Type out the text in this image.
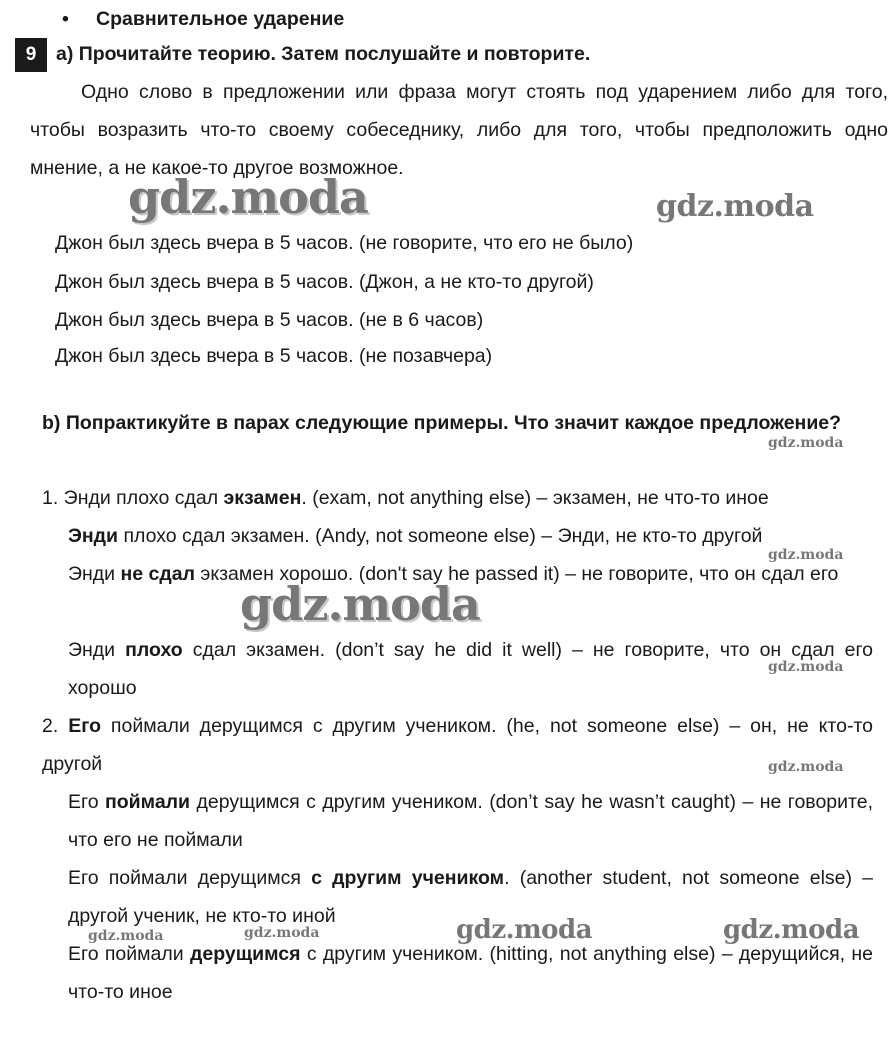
• Сравнительное ударение
9	a) Прочитайте теорию. Затем послушайте и повторите.
Одно слово в предложении или фраза могут стоять под ударением либо для того, чтобы возразить что-то своему собеседнику, либо для того, чтобы предположить одно мнение, а не какое-то другое возможное.
Джон был здесь вчера в 5 часов. (не говорите, что его не было)
Джон был здесь вчера в 5 часов. (Джон, а не кто-то другой)
Джон был здесь вчера в 5 часов. (не в 6 часов)
Джон был здесь вчера в 5 часов. (не позавчера)
b) Попрактикуйте в парах следующие примеры. Что значит каждое предложение?
1. Энди плохо сдал экзамен. (exam, not anything else) – экзамен, не что-то иное
Энди плохо сдал экзамен. (Andy, not someone else) – Энди, не кто-то другой
Энди не сдал экзамен хорошо. (don't say he passed it) – не говорите, что он сдал его
Энди плохо сдал экзамен. (don’t say he did it well) – не говорите, что он сдал его хорошо
2. Его поймали дерущимся с другим учеником. (he, not someone else) – он, не кто-то другой
Его поймали дерущимся с другим учеником. (don’t say he wasn’t caught) – не говорите, что его не поймали
Его поймали дерущимся с другим учеником. (another student, not someone else) – другой ученик, не кто-то иной
Его поймали дерущимся с другим учеником. (hitting, not anything else) – дерущийся, не что-то иное
gdz.moda	gdz.moda
gdz.moda
gdz.moda
gdz.moda
gdz.moda
gdz.moda
gdz.moda	gdz.moda	gdz.moda
gdz.moda
